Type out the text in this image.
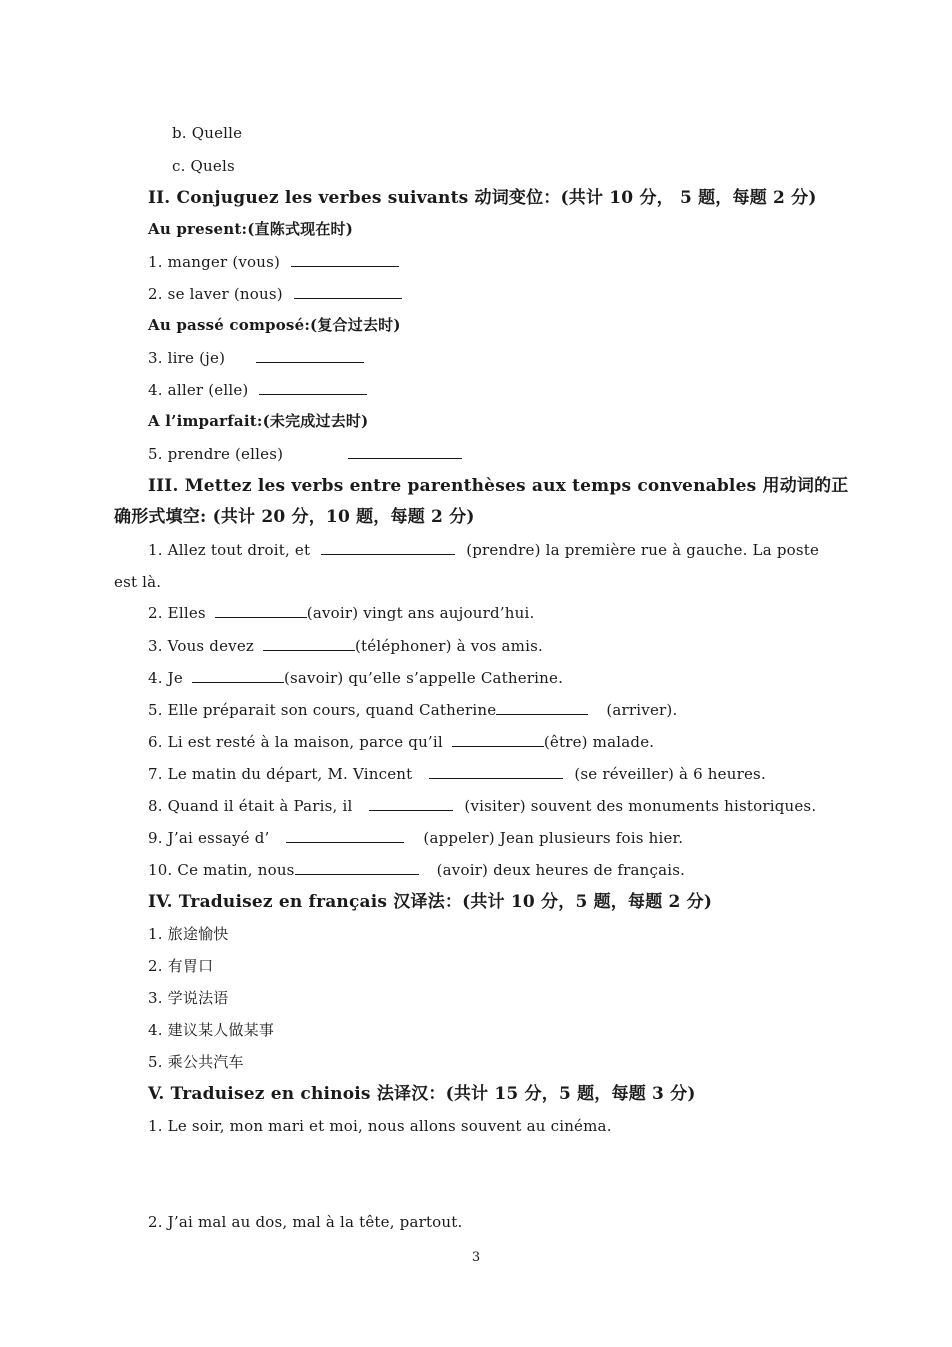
b. Quelle
c. Quels
II. Conjuguez les verbes suivants 动词变位：(共计 10 分， 5 题，每题 2 分)
Au present:(直陈式现在时)
1. manger (vous)
2. se laver (nous)
Au passé composé:(复合过去时)
3. lire (je)
4. aller (elle)
A l’imparfait:(未完成过去时)
5. prendre (elles)
III. Mettez les verbs entre parenthèses aux temps convenables 用动词的正
确形式填空: (共计 20 分，10 题，每题 2 分)
1. Allez tout droit, et	(prendre) la première rue à gauche. La poste
est là.
2. Elles	(avoir) vingt ans aujourd’hui.
3. Vous devez	(téléphoner) à vos amis.
4. Je	(savoir) qu’elle s’appelle Catherine.
5. Elle préparait son cours, quand Catherine	(arriver).
6. Li est resté à la maison, parce qu’il	(être) malade.
7. Le matin du départ, M. Vincent	(se réveiller) à 6 heures.
8. Quand il était à Paris, il	(visiter) souvent des monuments historiques.
9. J’ai essayé d’	(appeler) Jean plusieurs fois hier.
10. Ce matin, nous	(avoir) deux heures de français.
IV. Traduisez en français 汉译法：(共计 10 分，5 题，每题 2 分)
1. 旅途愉快
2. 有胃口
3. 学说法语
4. 建议某人做某事
5. 乘公共汽车
V. Traduisez en chinois 法译汉：(共计 15 分，5 题，每题 3 分)
1. Le soir, mon mari et moi, nous allons souvent au cinéma.
2. J’ai mal au dos, mal à la tête, partout.
3
